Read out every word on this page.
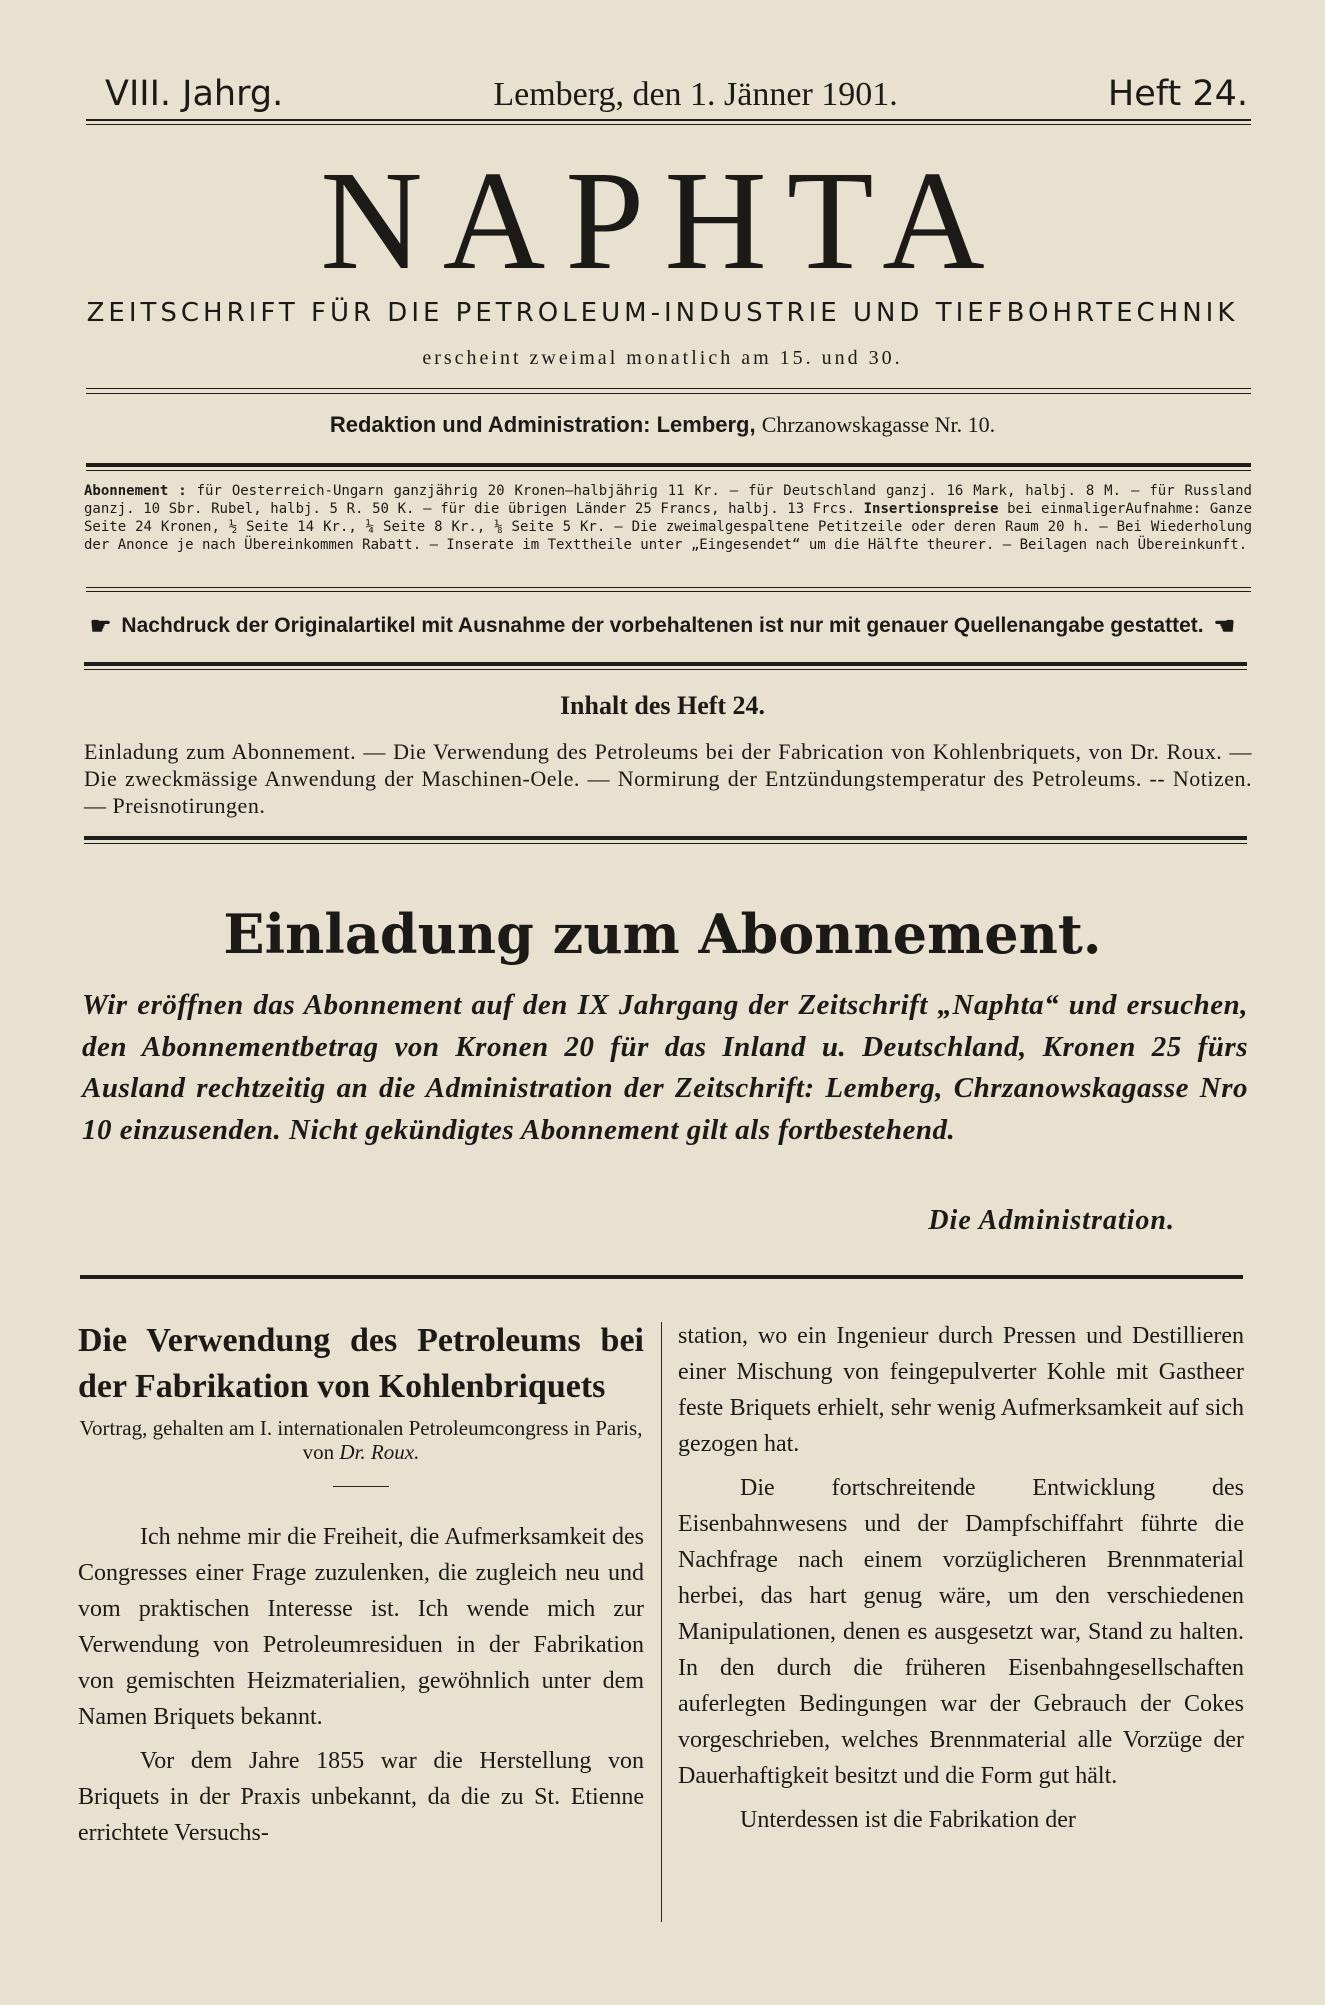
VIII. Jahrg.	Lemberg, den 1. Jänner 1901.	Heft 24.
NAPHTA
ZEITSCHRIFT FÜR DIE PETROLEUM-INDUSTRIE UND TIEFBOHRTECHNIK
erscheint zweimal monatlich am 15. und 30.
Redaktion und Administration: Lemberg, Chrzanowskagasse Nr. 10.
Abonnement : für Oesterreich-Ungarn ganzjährig 20 Kronen—halbjährig 11 Kr. — für Deutschland ganzj. 16 Mark, halbj. 8 M. — für Russland ganzj. 10 Sbr. Rubel, halbj. 5 R. 50 K. — für die übrigen Länder 25 Francs, halbj. 13 Frcs. Insertionspreise bei einmaligerAufnahme: Ganze Seite 24 Kronen, ½ Seite 14 Kr., ¼ Seite 8 Kr., ⅛ Seite 5 Kr. — Die zweimalgespaltene Petitzeile oder deren Raum 20 h. — Bei Wiederholung der Anonce je nach Übereinkommen Rabatt. — Inserate im Texttheile unter „Eingesendet“ um die Hälfte theurer. — Beilagen nach Übereinkunft.
☛ Nachdruck der Originalartikel mit Ausnahme der vorbehaltenen ist nur mit genauer Quellenangabe gestattet. ☚
Inhalt des Heft 24.
Einladung zum Abonnement. — Die Verwendung des Petroleums bei der Fabrication von Kohlenbriquets, von Dr. Roux. — Die zweckmässige Anwendung der Maschinen-Oele. — Normirung der Entzündungstemperatur des Petroleums. -- Notizen. — Preisnotirungen.
Einladung zum Abonnement.
Wir eröffnen das Abonnement auf den IX Jahrgang der Zeitschrift „Naphta“ und ersuchen, den Abonnementbetrag von Kronen 20 für das Inland u. Deutschland, Kronen 25 fürs Ausland rechtzeitig an die Administration der Zeitschrift: Lemberg, Chrzanowskagasse Nro 10 einzusenden. Nicht gekündigtes Abonnement gilt als fortbestehend.
Die Administration.
Die Verwendung des Petroleums bei der Fabrikation von Kohlenbriquets
Vortrag, gehalten am I. internationalen Petroleumcongress in Paris, von Dr. Roux.

Ich nehme mir die Freiheit, die Aufmerksamkeit des Congresses einer Frage zuzulenken, die zugleich neu und vom praktischen Interesse ist. Ich wende mich zur Verwendung von Petroleumresiduen in der Fabrikation von gemischten Heizmaterialien, gewöhnlich unter dem Namen Briquets bekannt.

Vor dem Jahre 1855 war die Herstellung von Briquets in der Praxis unbekannt, da die zu St. Etienne errichtete Versuchs-

station, wo ein Ingenieur durch Pressen und Destillieren einer Mischung von feingepulverter Kohle mit Gastheer feste Briquets erhielt, sehr wenig Aufmerksamkeit auf sich gezogen hat.

Die fortschreitende Entwicklung des Eisenbahnwesens und der Dampfschiffahrt führte die Nachfrage nach einem vorzüglicheren Brennmaterial herbei, das hart genug wäre, um den verschiedenen Manipulationen, denen es ausgesetzt war, Stand zu halten. In den durch die früheren Eisenbahngesellschaften auferlegten Bedingungen war der Gebrauch der Cokes vorgeschrieben, welches Brennmaterial alle Vorzüge der Dauerhaftigkeit besitzt und die Form gut hält.

Unterdessen ist die Fabrikation der
